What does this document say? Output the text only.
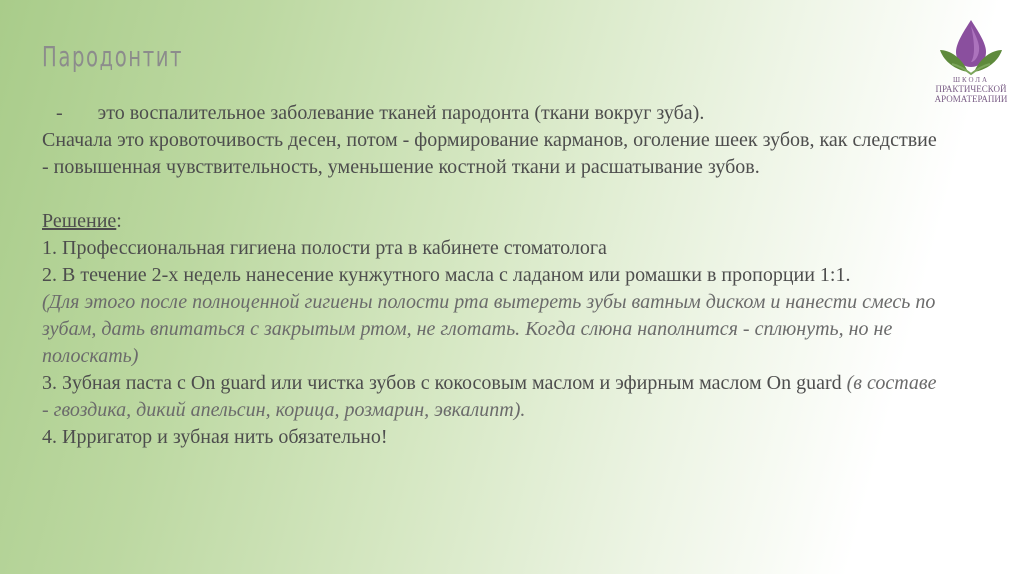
Пародонтит
ШКОЛА
ПРАКТИЧЕСКОЙ
АРОМАТЕРАПИИ

- это воспалительное заболевание тканей пародонта (ткани вокруг зуба).

Сначала это кровоточивость десен, потом - формирование карманов, оголение шеек зубов, как следствие - повышенная чувствительность, уменьшение костной ткани и расшатывание зубов.

Решение:

1. Профессиональная гигиена полости рта в кабинете стоматолога

2. В течение 2-х недель нанесение кунжутного масла с ладаном или ромашки в пропорции 1:1.

(Для этого после полноценной гигиены полости рта вытереть зубы ватным диском и нанести смесь по зубам, дать впитаться с закрытым ртом, не глотать. Когда слюна наполнится - сплюнуть, но не полоскать)

3. Зубная паста с On guard или чистка зубов с кокосовым маслом и эфирным маслом On guard (в составе - гвоздика, дикий апельсин, корица, розмарин, эвкалипт).

4. Ирригатор и зубная нить обязательно!
